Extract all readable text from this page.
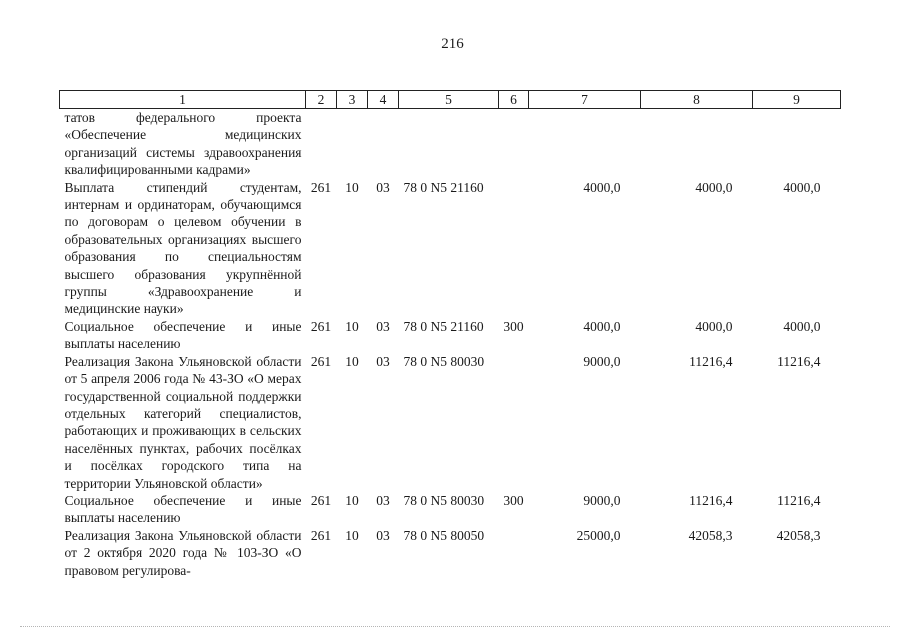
216
1	2	3	4	5	6	7	8	9
татов федерального проекта «Обеспечение медицинских организаций системы здравоохранения квалифицированными кадрами»								
Выплата стипендий студентам, интернам и ординаторам, обучающимся по договорам о целевом обучении в образовательных организациях высшего образования по специальностям высшего образования укрупнённой группы «Здравоохранение и медицинские науки»	261	10	03	78 0 N5 21160		4000,0	4000,0	4000,0
Социальное обеспечение и иные выплаты населению	261	10	03	78 0 N5 21160	300	4000,0	4000,0	4000,0
Реализация Закона Ульяновской области от 5 апреля 2006 года № 43-ЗО «О мерах государственной социальной поддержки отдельных категорий специалистов, работающих и проживающих в сельских населённых пунктах, рабочих посёлках и посёлках городского типа на территории Ульяновской области»	261	10	03	78 0 N5 80030		9000,0	11216,4	11216,4
Социальное обеспечение и иные выплаты населению	261	10	03	78 0 N5 80030	300	9000,0	11216,4	11216,4
Реализация Закона Ульяновской области от 2 октября 2020 года № 103-ЗО «О правовом регулирова-	261	10	03	78 0 N5 80050		25000,0	42058,3	42058,3
